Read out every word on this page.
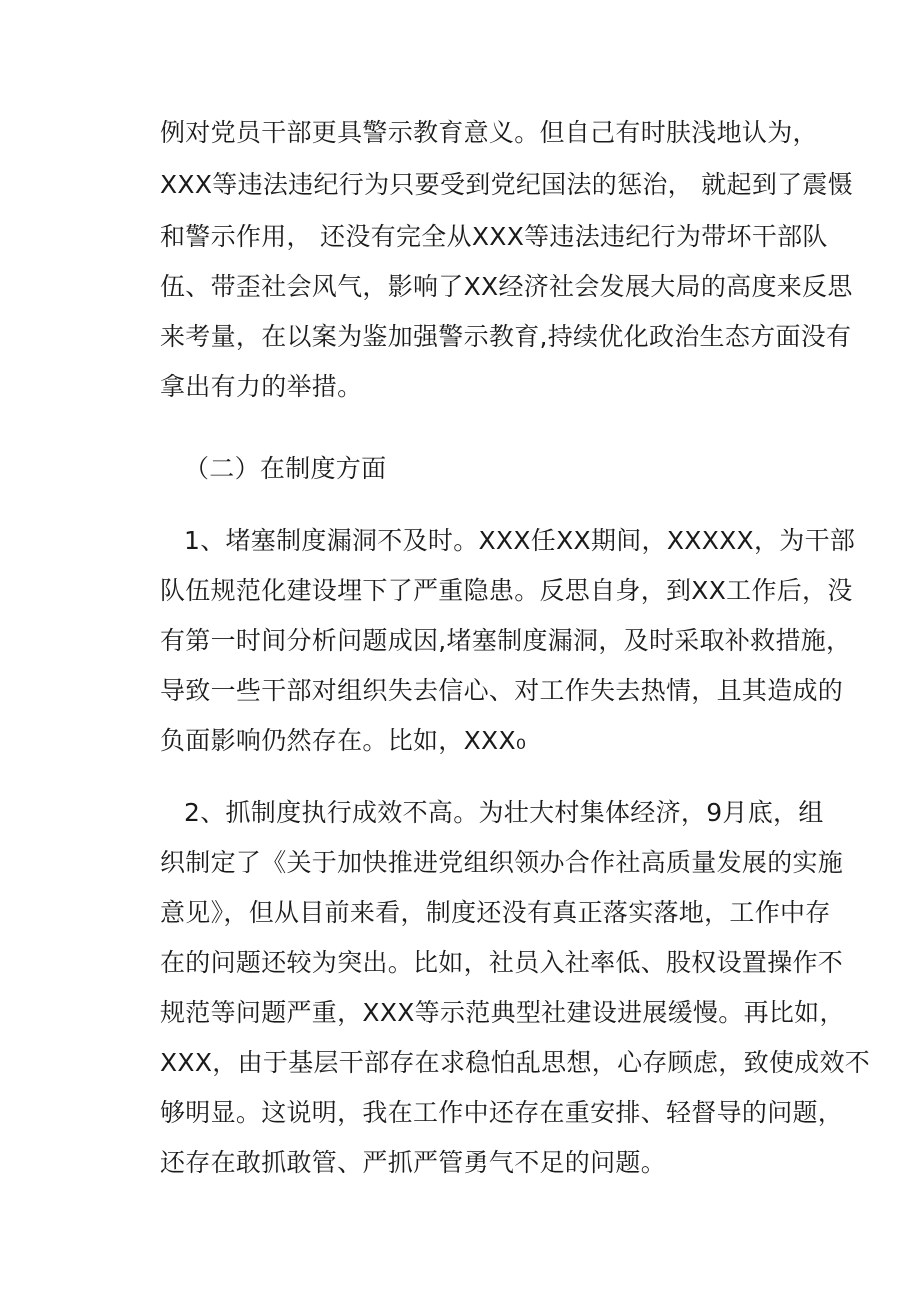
例对党员干部更具警示教育意义。但自己有时肤浅地认为，
XXX等违法违纪行为只要受到党纪国法的惩治， 就起到了震慑
和警示作用， 还没有完全从XXX等违法违纪行为带坏干部队
伍、带歪社会风气，影响了XX经济社会发展大局的高度来反思
来考量，在以案为鉴加强警示教育,持续优化政治生态方面没有
拿出有力的举措。
（二）在制度方面
1、堵塞制度漏洞不及时。XXX任XX期间，XXXXX，为干部
队伍规范化建设埋下了严重隐患。反思自身，到XX工作后，没
有第一时间分析问题成因,堵塞制度漏洞，及时采取补救措施，
导致一些干部对组织失去信心、对工作失去热情，且其造成的
负面影响仍然存在。比如，XXX₀
2、抓制度执行成效不高。为壮大村集体经济，9月底，组
织制定了《关于加快推进党组织领办合作社高质量发展的实施
意见》，但从目前来看，制度还没有真正落实落地，工作中存
在的问题还较为突出。比如，社员入社率低、股权设置操作不
规范等问题严重，XXX等示范典型社建设进展缓慢。再比如，
XXX，由于基层干部存在求稳怕乱思想，心存顾虑，致使成效不
够明显。这说明，我在工作中还存在重安排、轻督导的问题，
还存在敢抓敢管、严抓严管勇气不足的问题。
